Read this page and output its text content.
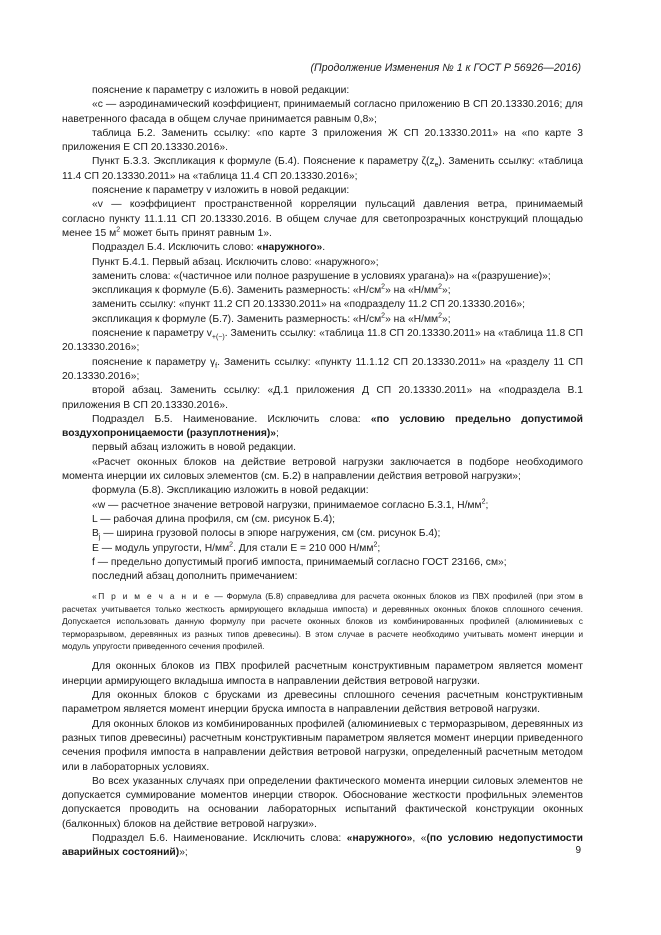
(Продолжение Изменения № 1 к ГОСТ Р 56926—2016)

пояснение к параметру c изложить в новой редакции:

«c — аэродинамический коэффициент, принимаемый согласно приложению В СП 20.13330.2016; для наветренного фасада в общем случае принимается равным 0,8»;

таблица Б.2. Заменить ссылку: «по карте 3 приложения Ж СП 20.13330.2011» на «по карте 3 приложения Е СП 20.13330.2016».

Пункт Б.3.3. Экспликация к формуле (Б.4). Пояснение к параметру $\zeta(z_e)$. Заменить ссылку: «таблица 11.4 СП 20.13330.2011» на «таблица 11.4 СП 20.13330.2016»;

пояснение к параметру v изложить в новой редакции:

«v — коэффициент пространственной корреляции пульсаций давления ветра, принимаемый согласно пункту 11.1.11 СП 20.13330.2016. В общем случае для светопрозрачных конструкций площадью менее 15 $м^2$ может быть принят равным 1».

Подраздел Б.4. Исключить слово: «наружного».

Пункт Б.4.1. Первый абзац. Исключить слово: «наружного»;

заменить слова: «(частичное или полное разрушение в условиях урагана)» на «(разрушение)»;

экспликация к формуле (Б.6). Заменить размерность: «$Н/см^2$» на «$Н/мм^2$»;

заменить ссылку: «пункт 11.2 СП 20.13330.2011» на «подразделу 11.2 СП 20.13330.2016»;

экспликация к формуле (Б.7). Заменить размерность: «$Н/см^2$» на «$Н/мм^2$»;

пояснение к параметру $v_{+(-)}$. Заменить ссылку: «таблица 11.8 СП 20.13330.2011» на «таблица 11.8 СП 20.13330.2016»;

пояснение к параметру $\gamma_f$. Заменить ссылку: «пункту 11.1.12 СП 20.13330.2011» на «разделу 11 СП 20.13330.2016»;

второй абзац. Заменить ссылку: «Д.1 приложения Д СП 20.13330.2011» на «подраздела В.1 приложения В СП 20.13330.2016».

Подраздел Б.5. Наименование. Исключить слова: «по условию предельно допустимой воздухопроницаемости (разуплотнения)»;

первый абзац изложить в новой редакции.

«Расчет оконных блоков на действие ветровой нагрузки заключается в подборе необходимого момента инерции их силовых элементов (см. Б.2) в направлении действия ветровой нагрузки»;

формула (Б.8). Экспликацию изложить в новой редакции:

«w — расчетное значение ветровой нагрузки, принимаемое согласно Б.3.1, $Н/мм^2$;

L — рабочая длина профиля, см (см. рисунок Б.4);

$B_j$ — ширина грузовой полосы в эпюре нагружения, см (см. рисунок Б.4);

E — модуль упругости, $Н/мм^2$. Для стали E = 210 000 $Н/мм^2$;

f — предельно допустимый прогиб импоста, принимаемый согласно ГОСТ 23166, см»;

последний абзац дополнить примечанием:

«П р и м е ч а н и е — Формула (Б.8) справедлива для расчета оконных блоков из ПВХ профилей (при этом в расчетах учитывается только жесткость армирующего вкладыша импоста) и деревянных оконных блоков сплошного сечения. Допускается использовать данную формулу при расчете оконных блоков из комбинированных профилей (алюминиевых с терморазрывом, деревянных из разных типов древесины). В этом случае в расчете необходимо учитывать момент инерции и модуль упругости приведенного сечения профилей.

Для оконных блоков из ПВХ профилей расчетным конструктивным параметром является момент инерции армирующего вкладыша импоста в направлении действия ветровой нагрузки.

Для оконных блоков с брусками из древесины сплошного сечения расчетным конструктивным параметром является момент инерции бруска импоста в направлении действия ветровой нагрузки.

Для оконных блоков из комбинированных профилей (алюминиевых с терморазрывом, деревянных из разных типов древесины) расчетным конструктивным параметром является момент инерции приведенного сечения профиля импоста в направлении действия ветровой нагрузки, определенный расчетным методом или в лабораторных условиях.

Во всех указанных случаях при определении фактического момента инерции силовых элементов не допускается суммирование моментов инерции створок. Обоснование жесткости профильных элементов допускается проводить на основании лабораторных испытаний фактической конструкции оконных (балконных) блоков на действие ветровой нагрузки».

Подраздел Б.6. Наименование. Исключить слова: «наружного», «(по условию недопустимости аварийных состояний)»;	9
